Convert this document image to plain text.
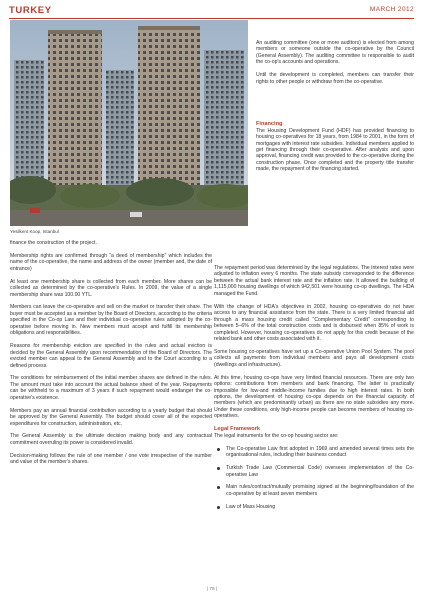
TURKEY	MARCH 2012
Yesilkent Koop, Istanbul

finance the construction of the project.

Membership rights are confirmed through "a deed of membership" which includes the name of the co-operative, the name and address of the owner (member and, the date of entrance)

At least one membership share is collected from each member. More shares can be collected as determined by the co-operative's Rules. In 2009, the value of a single membership share was 100.00 YTL.

Members can leave the co-operative and sell on the market or transfer their share. The buyer must be accepted as a member by the Board of Directors, according to the criteria specified in the Co-op Law and their individual co-operative rules adopted by the co-operative before moving in. New members must accept and fulfill its membership obligations and responsibilities.

Reasons for membership eviction are specified in the rules and actual eviction is decided by the General Assembly upon recommendation of the Board of Directors. The evicted member can appeal to the General Assembly and to the Court according to a defined process.

The conditions for reimbursement of the initial member shares are defined in the rules. The amount must take into account the actual balance sheet of the year. Repayments can be withheld to a maximum of 3 years if such repayment would endanger the co-operative's existence.

Members pay an annual financial contribution according to a yearly budget that should be approved by the General Assembly. The budget should cover all of the expected expenditures for construction, administration, etc.

The General Assembly is the ultimate decision making body and any contractual commitment overruling its power is considered invalid.

Decision-making follows the rule of one member / one vote irrespective of the number and value of the member's shares.

An auditing committee (one or more auditors) is elected from among members or someone outside the co-operative by the Council (General Assembly). The auditing committee is responsible to audit the co-op's accounts and operations.

Until the development is completed, members can transfer their rights to other people or withdraw from the co-operative.

Financing

The Housing Development Fund (HDF) has provided financing to housing co-operatives for 18 years, from 1984 to 2001, in the form of mortgages with interest rate subsidies. Individual members applied to get financing through their co-operative. After analysis and upon approval, financing credit was provided to the co-operative during the construction phase. Once completed and the property title transfer made, the repayment of the financing started.

The repayment period was determined by the legal regulations. The interest rates were adjusted to inflation every 6 months. The state subsidy corresponded to the difference between the actual bank interest rate and the inflation rate. It allowed the building of 1,115,000 housing dwellings of which 942,501 were housing co-op dwellings. The HDA managed the Fund.

With the change of HDA's objectives in 2002, housing co-operatives do not have access to any financial assistance from the state. There is a very limited financial aid through a mass housing credit called "Complementary Credit" corresponding to between 5–6% of the total construction costs and is disbursed when 85% of work is completed. However, housing co-operatives do not apply for this credit because of the related bank and other costs associated with it.

Some housing co-operatives have set up a Co-operative Union Pool System. The pool collects all payments from individual members and pays all development costs (dwellings and infrastructure).

At this time, housing co-ops have very limited financial resources. There are only two options: contributions from members and bank financing. The latter is practically impossible for low-and middle-income families due to high interest rates. In both options, the development of housing co-ops depends on the financial capacity of members (which are predominantly urban) as there are no state subsidies any more. Under these conditions, only high-income people can become members of housing co-operatives.

Legal Framework

The legal instruments for the co-op housing sector are:

The Co-operative Law first adopted in 1969 and amended several times sets the organisational rules, including their business conduct
Turkish Trade Law (Commercial Code) oversees implementation of the Co-operative Law
Main rules/contract/mutually promising signed at the beginning/foundation of the co-operative by at least seven members
Law of Mass Housing
| 78 |
